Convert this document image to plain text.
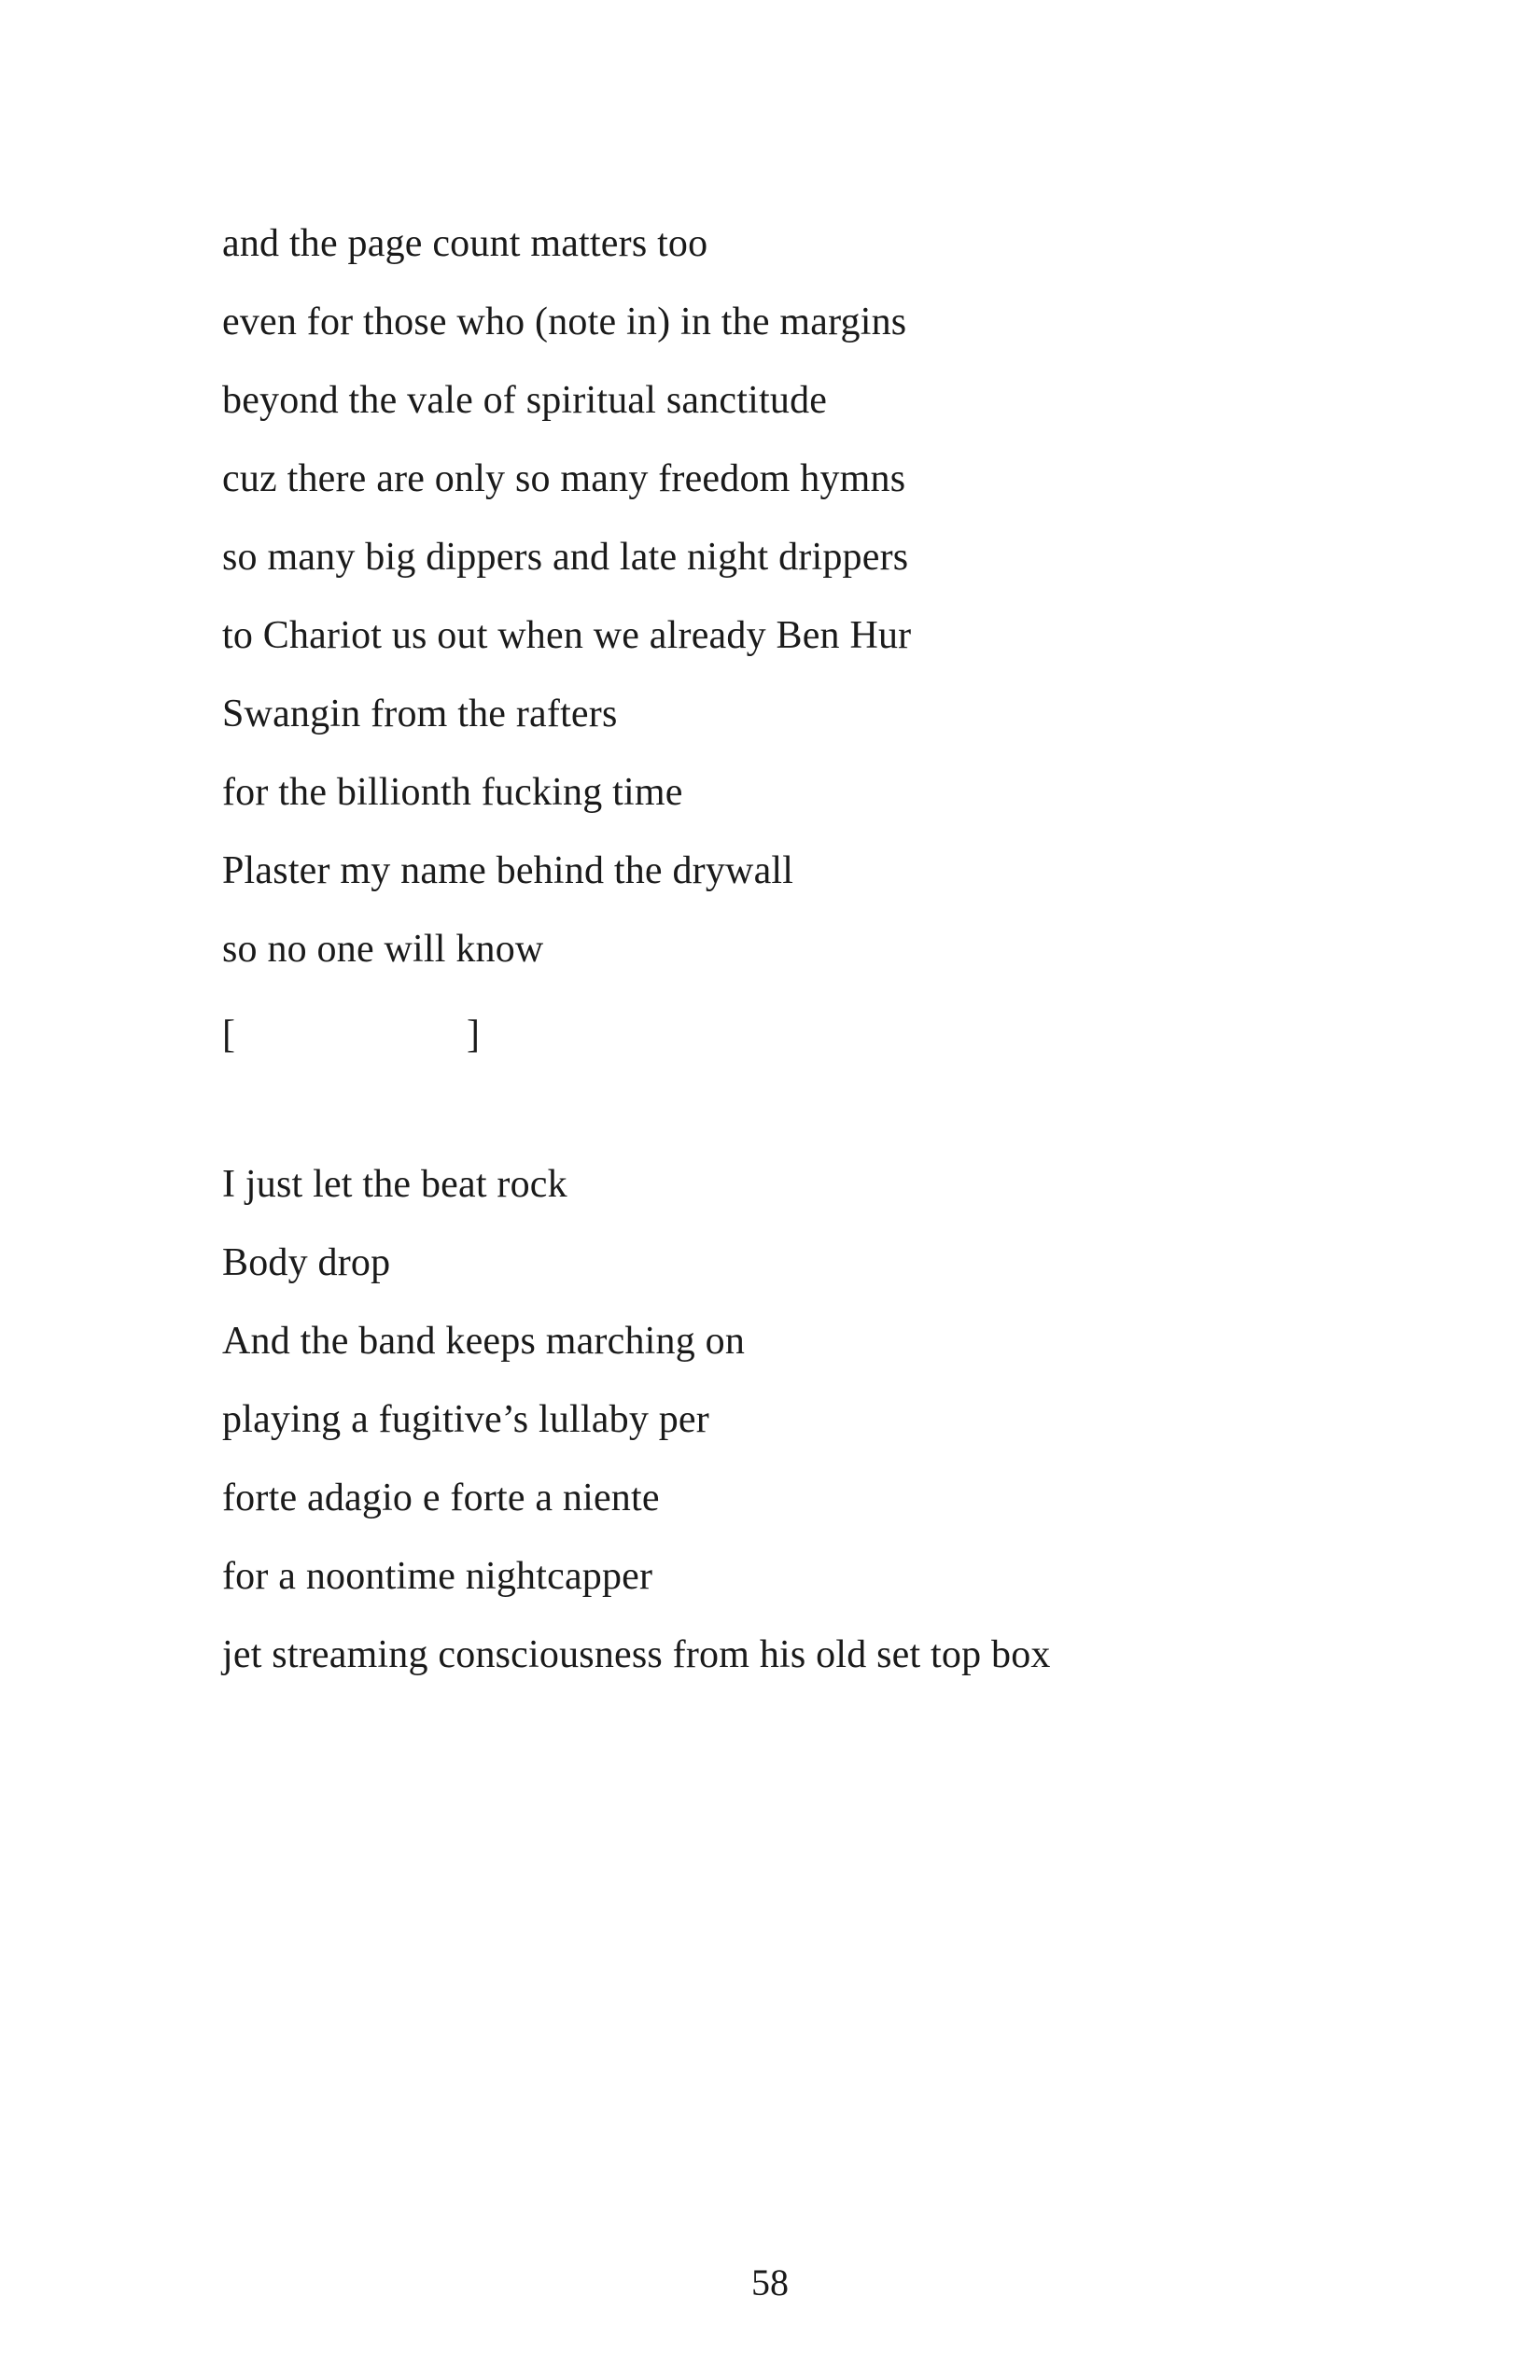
and the page count matters too
even for those who (note in) in the margins
beyond the vale of spiritual sanctitude
cuz there are only so many freedom hymns
so many big dippers and late night drippers
to Chariot us out when we already Ben Hur
Swangin from the rafters
for the billionth fucking time
Plaster my name behind the drywall
so no one will know
[	]
I just let the beat rock
Body drop
And the band keeps marching on
playing a fugitive’s lullaby per
forte adagio e forte a niente
for a noontime nightcapper
jet streaming consciousness from his old set top box
58
